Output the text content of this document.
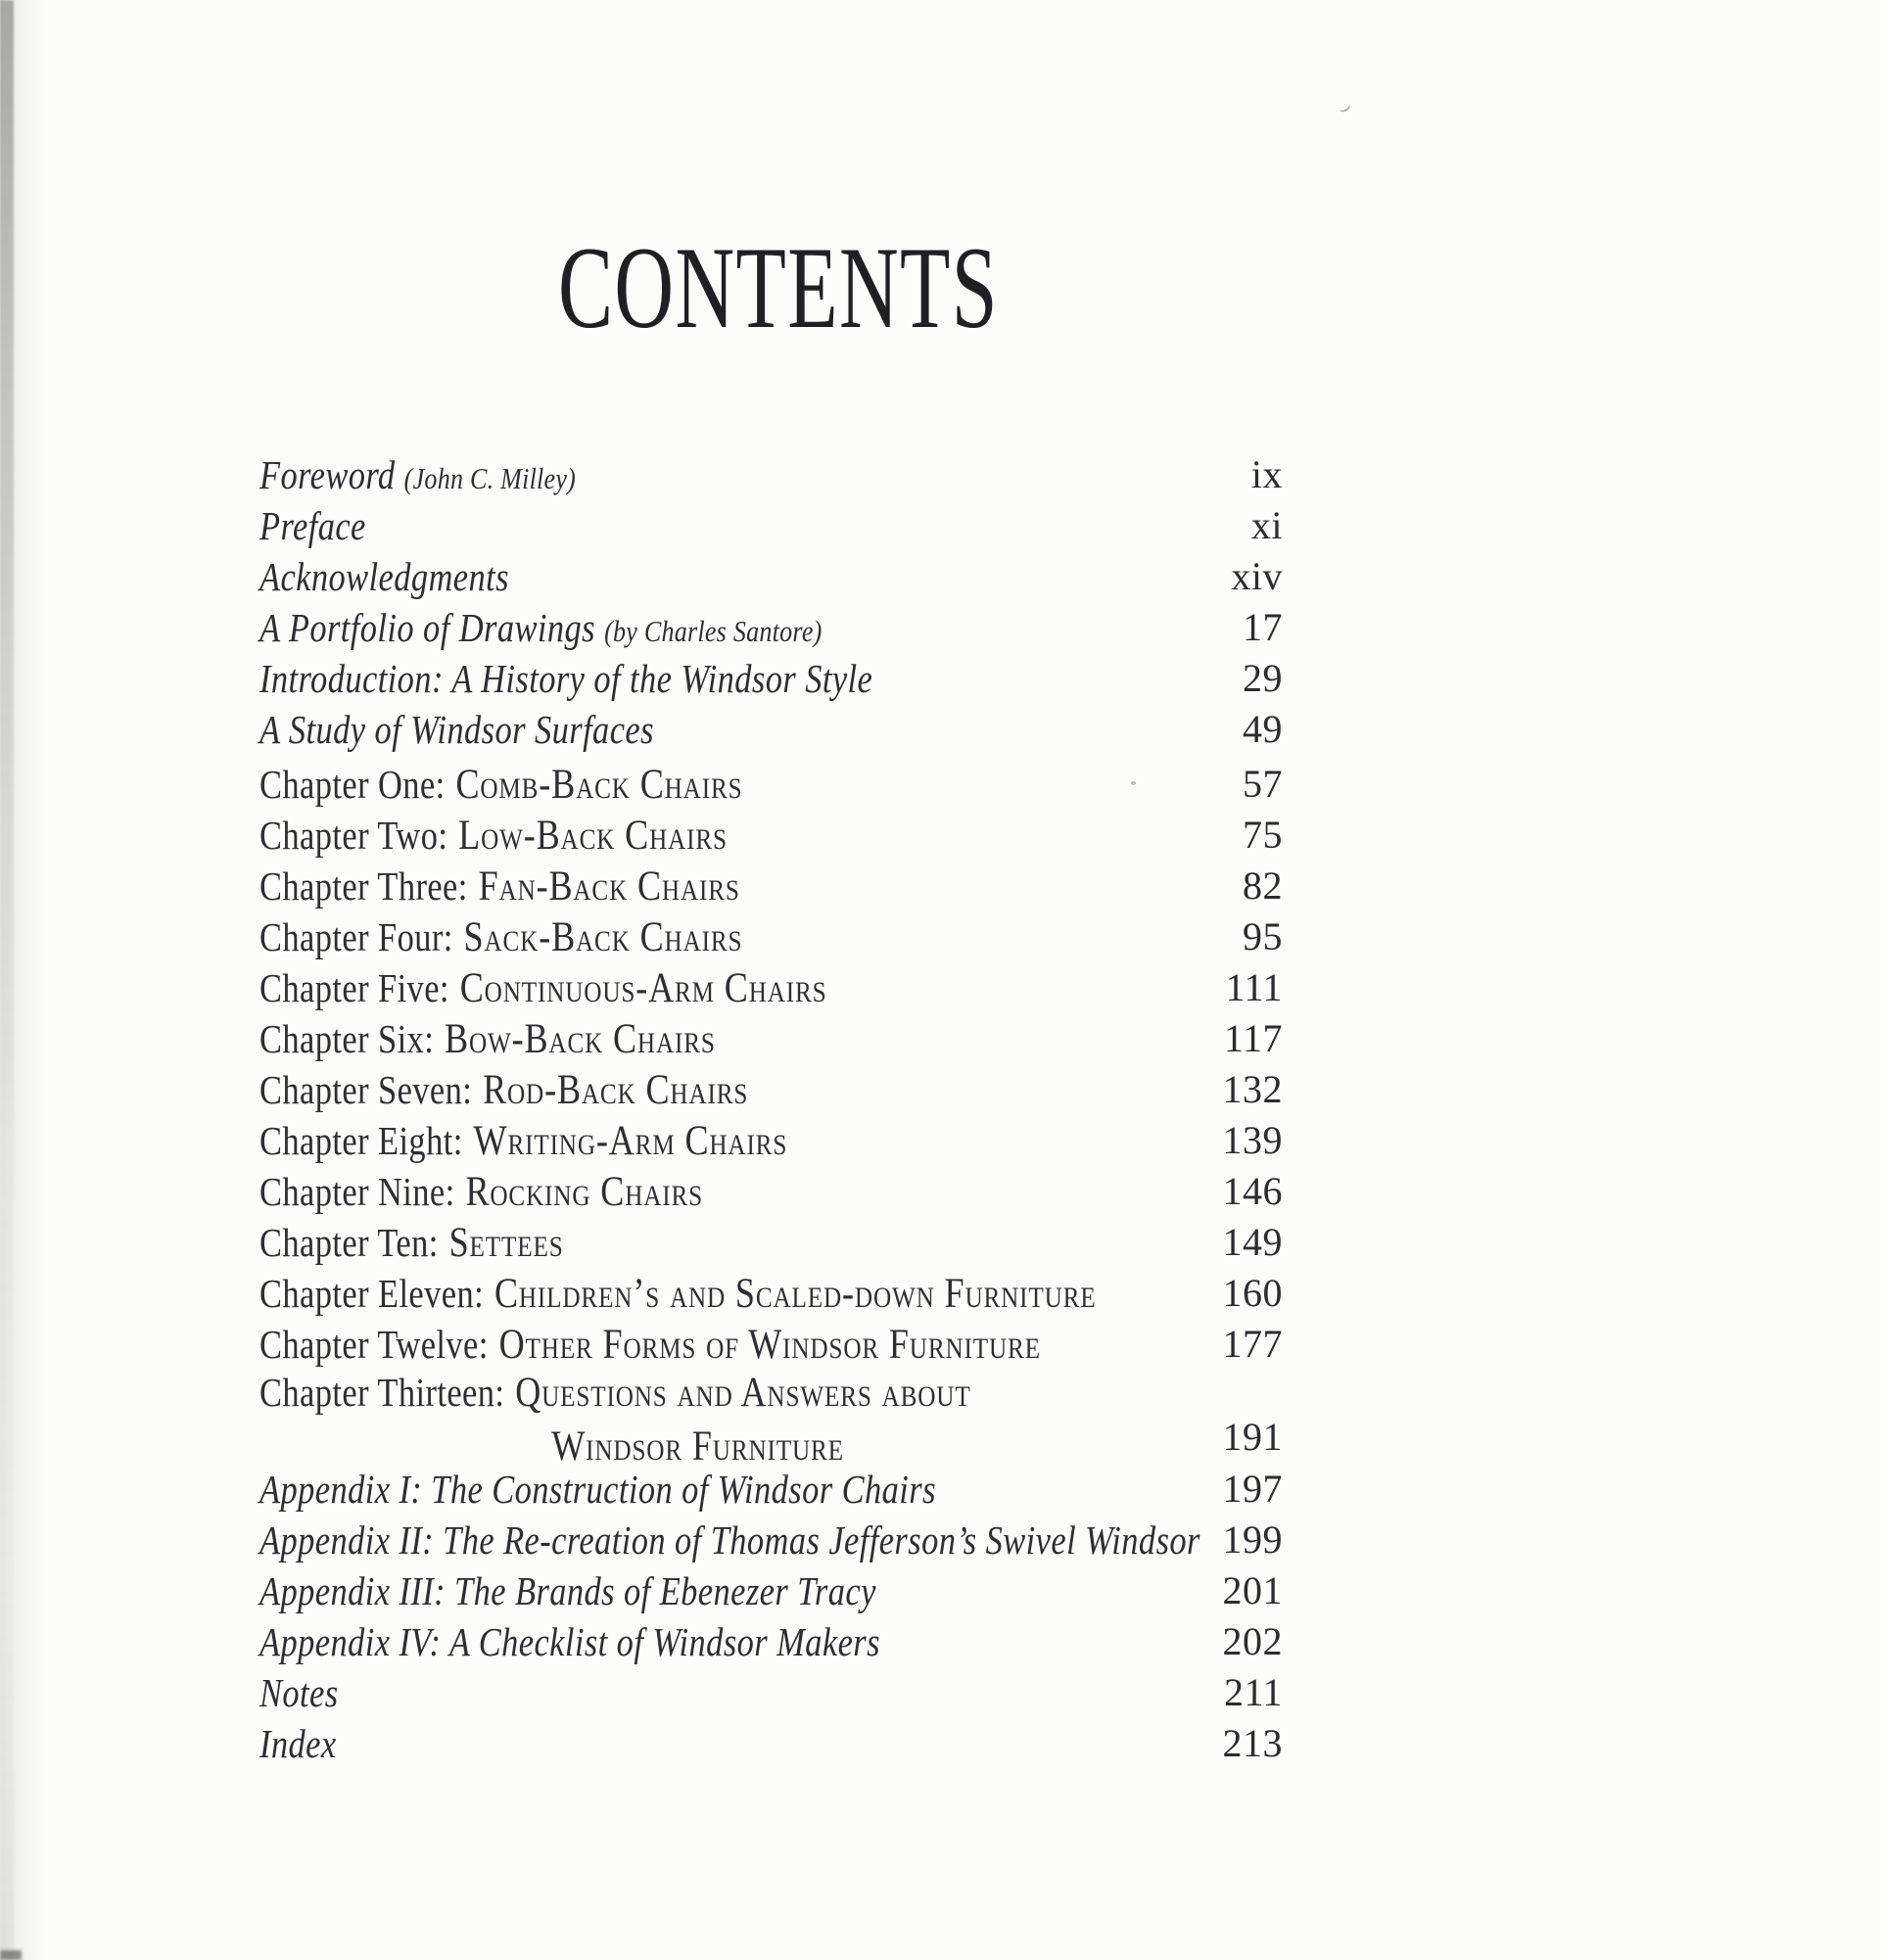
CONTENTS
Foreword (John C. Milley)	ix
Preface	xi
Acknowledgments	xiv
A Portfolio of Drawings (by Charles Santore)	17
Introduction: A History of the Windsor Style	29
A Study of Windsor Surfaces	49
Chapter One: Comb-Back Chairs	57
Chapter Two: Low-Back Chairs	75
Chapter Three: Fan-Back Chairs	82
Chapter Four: Sack-Back Chairs	95
Chapter Five: Continuous-Arm Chairs	111
Chapter Six: Bow-Back Chairs	117
Chapter Seven: Rod-Back Chairs	132
Chapter Eight: Writing-Arm Chairs	139
Chapter Nine: Rocking Chairs	146
Chapter Ten: Settees	149
Chapter Eleven: Children’s and Scaled-down Furniture	160
Chapter Twelve: Other Forms of Windsor Furniture	177
Chapter Thirteen: Questions and Answers about
Windsor Furniture	191
Appendix I: The Construction of Windsor Chairs	197
Appendix II: The Re-creation of Thomas Jefferson’s Swivel Windsor 199
Appendix III: The Brands of Ebenezer Tracy	201
Appendix IV: A Checklist of Windsor Makers	202
Notes	211
Index	213
